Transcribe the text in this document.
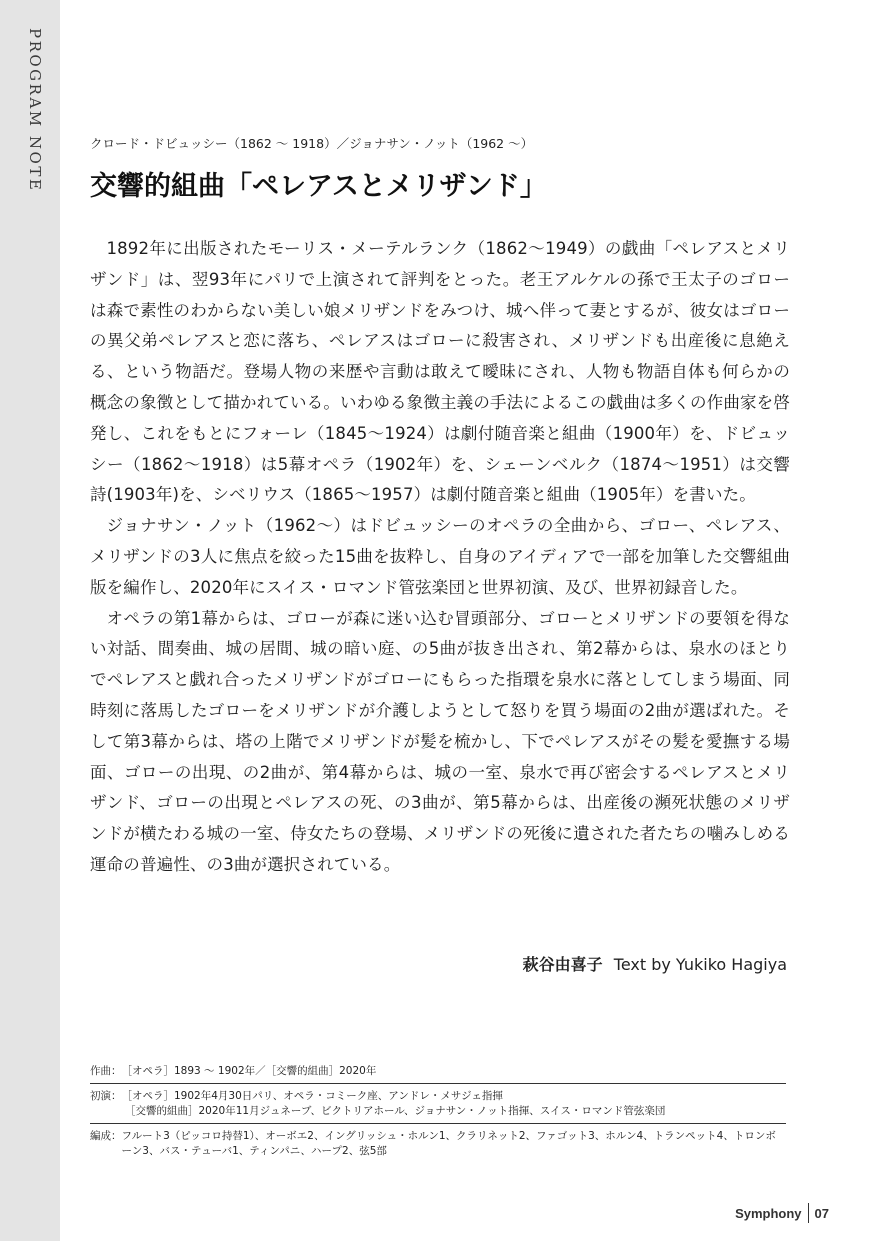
PROGRAM NOTE	クロード・ドビュッシー（1862 ～ 1918）／ジョナサン・ノット（1962 ～）
交響的組曲「ペレアスとメリザンド」

1892年に出版されたモーリス・メーテルランク（1862～1949）の戯曲「ペレアスとメリザンド」は、翌93年にパリで上演されて評判をとった。老王アルケルの孫で王太子のゴローは森で素性のわからない美しい娘メリザンドをみつけ、城へ伴って妻とするが、彼女はゴローの異父弟ペレアスと恋に落ち、ペレアスはゴローに殺害され、メリザンドも出産後に息絶える、という物語だ。登場人物の来歴や言動は敢えて曖昧にされ、人物も物語自体も何らかの概念の象徴として描かれている。いわゆる象徴主義の手法によるこの戯曲は多くの作曲家を啓発し、これをもとにフォーレ（1845～1924）は劇付随音楽と組曲（1900年）を、ドビュッシー（1862～1918）は5幕オペラ（1902年）を、シェーンベルク（1874～1951）は交響詩(1903年)を、シベリウス（1865～1957）は劇付随音楽と組曲（1905年）を書いた。

ジョナサン・ノット（1962～）はドビュッシーのオペラの全曲から、ゴロー、ペレアス、メリザンドの3人に焦点を絞った15曲を抜粋し、自身のアイディアで一部を加筆した交響組曲版を編作し、2020年にスイス・ロマンド管弦楽団と世界初演、及び、世界初録音した。

オペラの第1幕からは、ゴローが森に迷い込む冒頭部分、ゴローとメリザンドの要領を得ない対話、間奏曲、城の居間、城の暗い庭、の5曲が抜き出され、第2幕からは、泉水のほとりでペレアスと戯れ合ったメリザンドがゴローにもらった指環を泉水に落としてしまう場面、同時刻に落馬したゴローをメリザンドが介護しようとして怒りを買う場面の2曲が選ばれた。そして第3幕からは、塔の上階でメリザンドが髪を梳かし、下でペレアスがその髪を愛撫する場面、ゴローの出現、の2曲が、第4幕からは、城の一室、泉水で再び密会するペレアスとメリザンド、ゴローの出現とペレアスの死、の3曲が、第5幕からは、出産後の瀕死状態のメリザンドが横たわる城の一室、侍女たちの登場、メリザンドの死後に遺された者たちの噛みしめる運命の普遍性、の3曲が選択されている。

萩谷由喜子 Text by Yukiko Hagiya
作曲： ［オペラ］1893 ～ 1902年／［交響的組曲］2020年
初演： ［オペラ］1902年4月30日パリ、オペラ・コミーク座、アンドレ・メサジェ指揮
［交響的組曲］2020年11月ジュネーブ、ビクトリアホール、ジョナサン・ノット指揮、スイス・ロマンド管弦楽団
編成： フルート3（ピッコロ持替1）、オーボエ2、イングリッシュ・ホルン1、クラリネット2、ファゴット3、ホルン4、トランペット4、トロンボーン3、バス・テューバ1、ティンパニ、ハープ2、弦5部
Symphony 07
